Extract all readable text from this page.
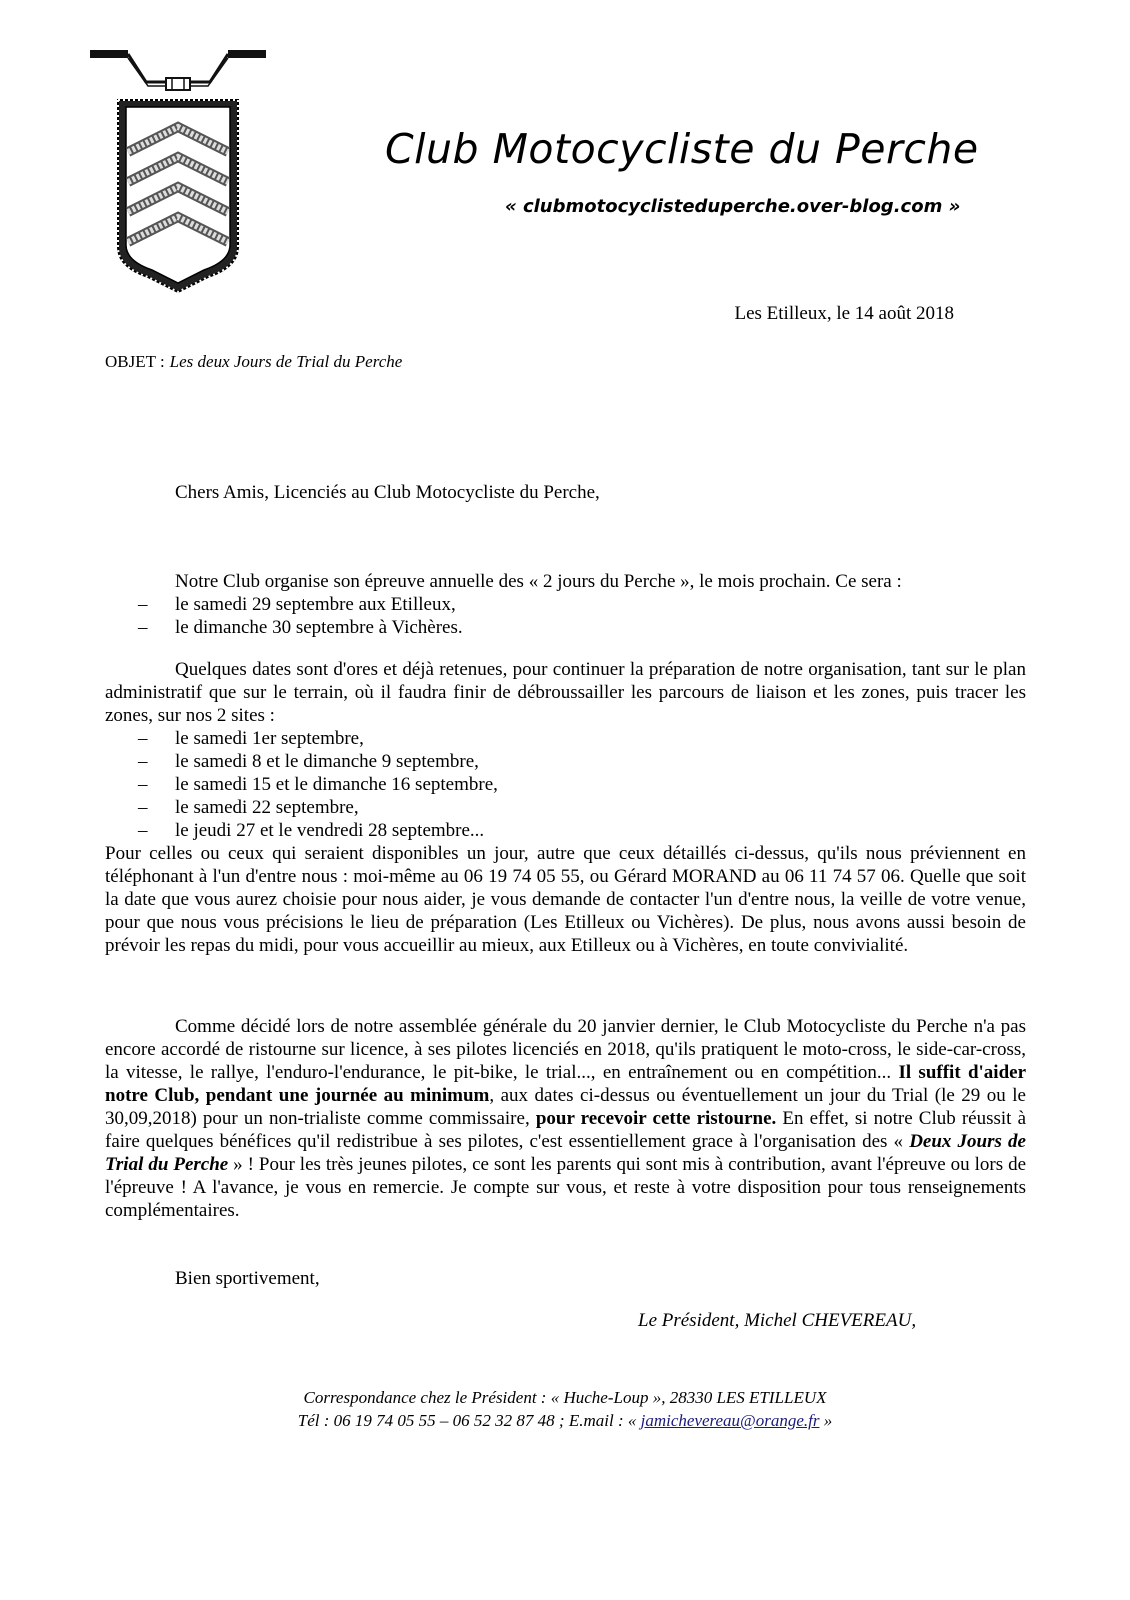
Club Motocycliste du Perche
« clubmotocyclisteduperche.over-blog.com »
Les Etilleux, le 14 août 2018
OBJET : Les deux Jours de Trial du Perche
Chers Amis, Licenciés au Club Motocycliste du Perche,
Notre Club organise son épreuve annuelle des « 2 jours du Perche », le mois prochain. Ce sera :
– le samedi 29 septembre aux Etilleux,
– le dimanche 30 septembre à Vichères.
Quelques dates sont d'ores et déjà retenues, pour continuer la préparation de notre organisation, tant sur le plan administratif que sur le terrain, où il faudra finir de débroussailler les parcours de liaison et les zones, puis tracer les zones, sur nos 2 sites :
– le samedi 1er septembre,
– le samedi 8 et le dimanche 9 septembre,
– le samedi 15 et le dimanche 16 septembre,
– le samedi 22 septembre,
– le jeudi 27 et le vendredi 28 septembre...
Pour celles ou ceux qui seraient disponibles un jour, autre que ceux détaillés ci-dessus, qu'ils nous préviennent en téléphonant à l'un d'entre nous : moi-même au 06 19 74 05 55, ou Gérard MORAND au 06 11 74 57 06. Quelle que soit la date que vous aurez choisie pour nous aider, je vous demande de contacter l'un d'entre nous, la veille de votre venue, pour que nous vous précisions le lieu de préparation (Les Etilleux ou Vichères). De plus, nous avons aussi besoin de prévoir les repas du midi, pour vous accueillir au mieux, aux Etilleux ou à Vichères, en toute convivialité.
Comme décidé lors de notre assemblée générale du 20 janvier dernier, le Club Motocycliste du Perche n'a pas encore accordé de ristourne sur licence, à ses pilotes licenciés en 2018, qu'ils pratiquent le moto-cross, le side-car-cross, la vitesse, le rallye, l'enduro-l'endurance, le pit-bike, le trial..., en entraînement ou en compétition... Il suffit d'aider notre Club, pendant une journée au minimum, aux dates ci-dessus ou éventuellement un jour du Trial (le 29 ou le 30,09,2018) pour un non-trialiste comme commissaire, pour recevoir cette ristourne. En effet, si notre Club réussit à faire quelques bénéfices qu'il redistribue à ses pilotes, c'est essentiellement grace à l'organisation des « Deux Jours de Trial du Perche » ! Pour les très jeunes pilotes, ce sont les parents qui sont mis à contribution, avant l'épreuve ou lors de l'épreuve ! A l'avance, je vous en remercie. Je compte sur vous, et reste à votre disposition pour tous renseignements complémentaires.
Bien sportivement,
Le Président, Michel CHEVEREAU,
Correspondance chez le Président : « Huche-Loup », 28330 LES ETILLEUX
Tél : 06 19 74 05 55 – 06 52 32 87 48 ; E.mail : « jamichevereau@orange.fr »
